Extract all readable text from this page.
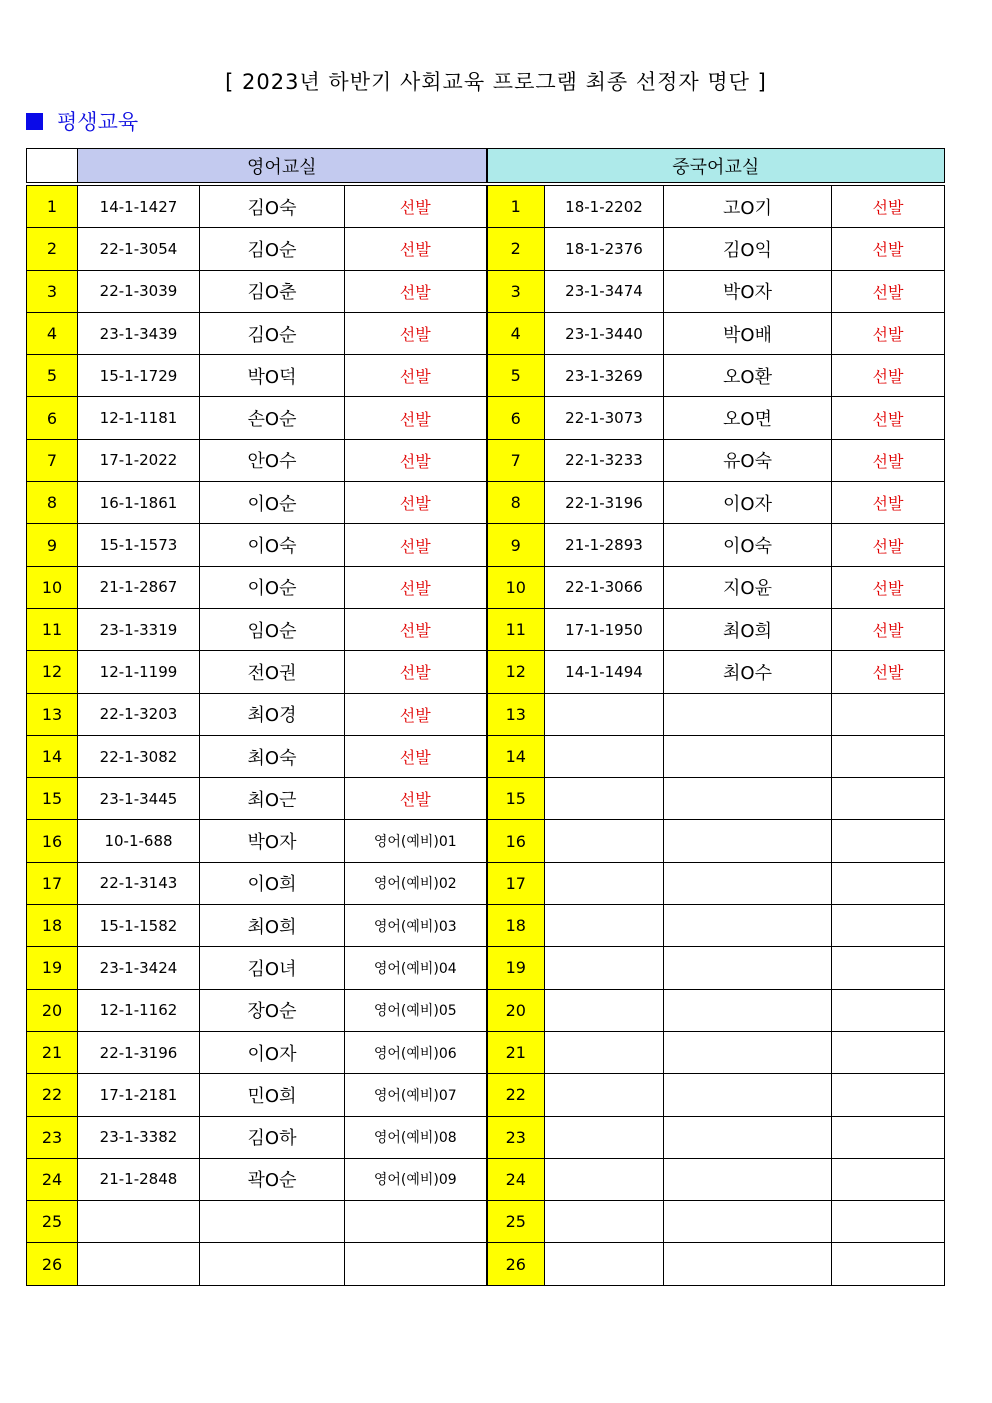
[ 2023년 하반기 사회교육 프로그램 최종 선정자 명단 ]
평생교육
	영어교실			중국어교실			
1	14-1-1427	김O숙	선발	1	18-1-2202	고O기	선발
2	22-1-3054	김O순	선발	2	18-1-2376	김O익	선발
3	22-1-3039	김O춘	선발	3	23-1-3474	박O자	선발
4	23-1-3439	김O순	선발	4	23-1-3440	박O배	선발
5	15-1-1729	박O덕	선발	5	23-1-3269	오O환	선발
6	12-1-1181	손O순	선발	6	22-1-3073	오O면	선발
7	17-1-2022	안O수	선발	7	22-1-3233	유O숙	선발
8	16-1-1861	이O순	선발	8	22-1-3196	이O자	선발
9	15-1-1573	이O숙	선발	9	21-1-2893	이O숙	선발
10	21-1-2867	이O순	선발	10	22-1-3066	지O윤	선발
11	23-1-3319	임O순	선발	11	17-1-1950	최O희	선발
12	12-1-1199	전O권	선발	12	14-1-1494	최O수	선발
13	22-1-3203	최O경	선발	13			
14	22-1-3082	최O숙	선발	14			
15	23-1-3445	최O근	선발	15			
16	10-1-688	박O자	영어(예비)01	16			
17	22-1-3143	이O희	영어(예비)02	17			
18	15-1-1582	최O희	영어(예비)03	18			
19	23-1-3424	김O녀	영어(예비)04	19			
20	12-1-1162	장O순	영어(예비)05	20			
21	22-1-3196	이O자	영어(예비)06	21			
22	17-1-2181	민O희	영어(예비)07	22			
23	23-1-3382	김O하	영어(예비)08	23			
24	21-1-2848	곽O순	영어(예비)09	24			
25				25			
26				26			
